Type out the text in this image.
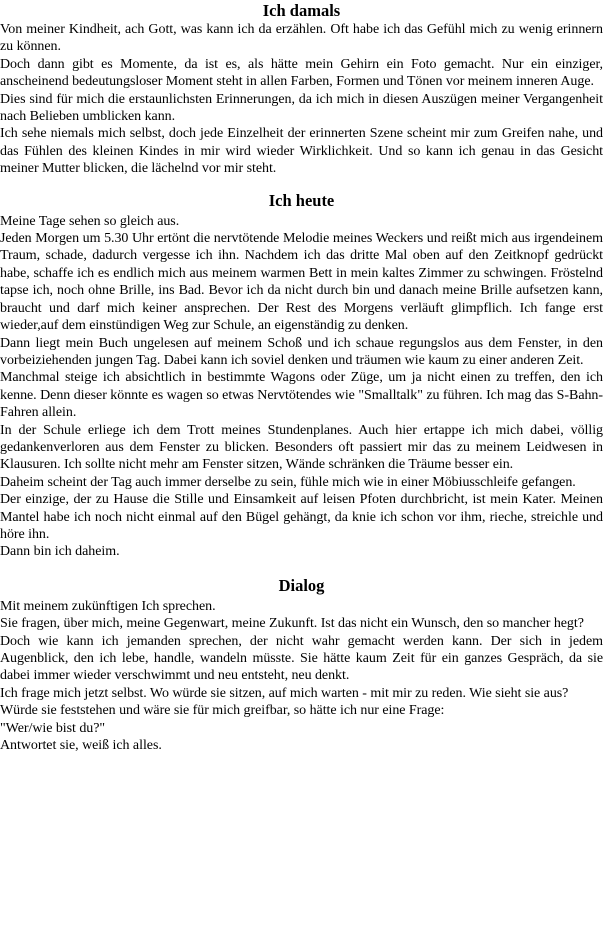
Ich damals

Von meiner Kindheit, ach Gott, was kann ich da erzählen. Oft habe ich das Gefühl mich zu wenig erinnern zu können.

Doch dann gibt es Momente, da ist es, als hätte mein Gehirn ein Foto gemacht. Nur ein einziger, anscheinend bedeutungsloser Moment steht in allen Farben, Formen und Tönen vor meinem inneren Auge.

Dies sind für mich die erstaunlichsten Erinnerungen, da ich mich in diesen Auszügen meiner Vergangenheit nach Belieben umblicken kann.

Ich sehe niemals mich selbst, doch jede Einzelheit der erinnerten Szene scheint mir zum Greifen nahe, und das Fühlen des kleinen Kindes in mir wird wieder Wirklichkeit. Und so kann ich genau in das Gesicht meiner Mutter blicken, die lächelnd vor mir steht.

Ich heute

Meine Tage sehen so gleich aus.

Jeden Morgen um 5.30 Uhr ertönt die nervtötende Melodie meines Weckers und reißt mich aus irgendeinem Traum, schade, dadurch vergesse ich ihn. Nachdem ich das dritte Mal oben auf den Zeitknopf gedrückt habe, schaffe ich es endlich mich aus meinem warmen Bett in mein kaltes Zimmer zu schwingen. Fröstelnd tapse ich, noch ohne Brille, ins Bad. Bevor ich da nicht durch bin und danach meine Brille aufsetzen kann, braucht und darf mich keiner ansprechen. Der Rest des Morgens verläuft glimpflich. Ich fange erst wieder,auf dem einstündigen Weg zur Schule, an eigenständig zu denken.

Dann liegt mein Buch ungelesen auf meinem Schoß und ich schaue regungslos aus dem Fenster, in den vorbeiziehenden jungen Tag. Dabei kann ich soviel denken und träumen wie kaum zu einer anderen Zeit.

Manchmal steige ich absichtlich in bestimmte Wagons oder Züge, um ja nicht einen zu treffen, den ich kenne. Denn dieser könnte es wagen so etwas Nervtötendes wie "Smalltalk" zu führen. Ich mag das S-Bahn-Fahren allein.

In der Schule erliege ich dem Trott meines Stundenplanes. Auch hier ertappe ich mich dabei, völlig gedankenverloren aus dem Fenster zu blicken. Besonders oft passiert mir das zu meinem Leidwesen in Klausuren. Ich sollte nicht mehr am Fenster sitzen, Wände schränken die Träume besser ein.

Daheim scheint der Tag auch immer derselbe zu sein, fühle mich wie in einer Möbiusschleife gefangen.

Der einzige, der zu Hause die Stille und Einsamkeit auf leisen Pfoten durchbricht, ist mein Kater. Meinen Mantel habe ich noch nicht einmal auf den Bügel gehängt, da knie ich schon vor ihm, rieche, streichle und höre ihn.

Dann bin ich daheim.

Dialog

Mit meinem zukünftigen Ich sprechen.

Sie fragen, über mich, meine Gegenwart, meine Zukunft. Ist das nicht ein Wunsch, den so mancher hegt?

Doch wie kann ich jemanden sprechen, der nicht wahr gemacht werden kann. Der sich in jedem Augenblick, den ich lebe, handle, wandeln müsste. Sie hätte kaum Zeit für ein ganzes Gespräch, da sie dabei immer wieder verschwimmt und neu entsteht, neu denkt.

Ich frage mich jetzt selbst. Wo würde sie sitzen, auf mich warten - mit mir zu reden. Wie sieht sie aus?

Würde sie feststehen und wäre sie für mich greifbar, so hätte ich nur eine Frage:

"Wer/wie bist du?"

Antwortet sie, weiß ich alles.
